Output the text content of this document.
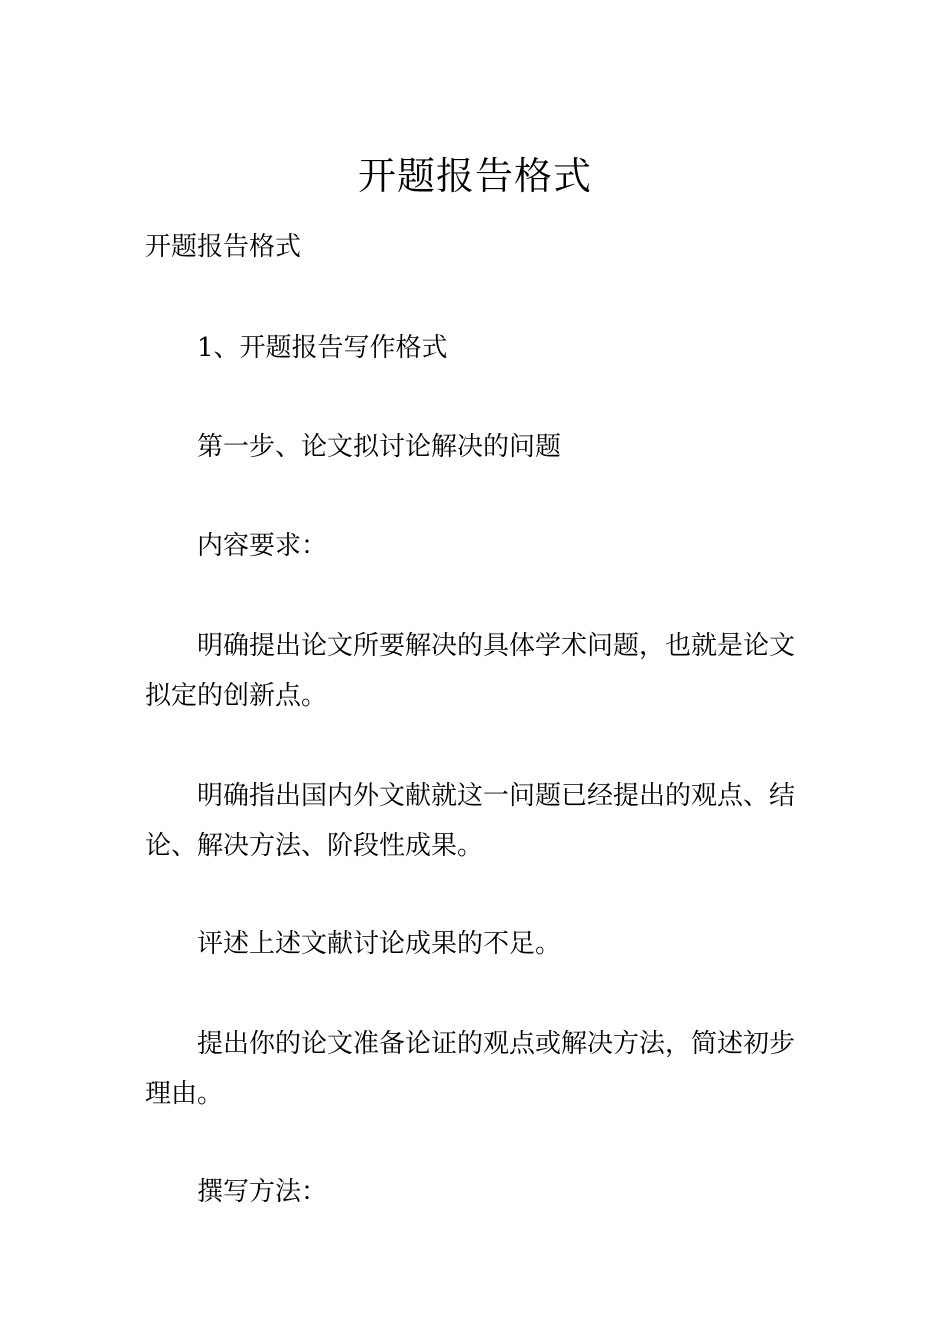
开题报告格式

开题报告格式

1、开题报告写作格式

第一步、论文拟讨论解决的问题

内容要求：

明确提出论文所要解决的具体学术问题，也就是论文拟定的创新点。

明确指出国内外文献就这一问题已经提出的观点、结论、解决方法、阶段性成果。

评述上述文献讨论成果的不足。

提出你的论文准备论证的观点或解决方法，简述初步理由。

撰写方法：
